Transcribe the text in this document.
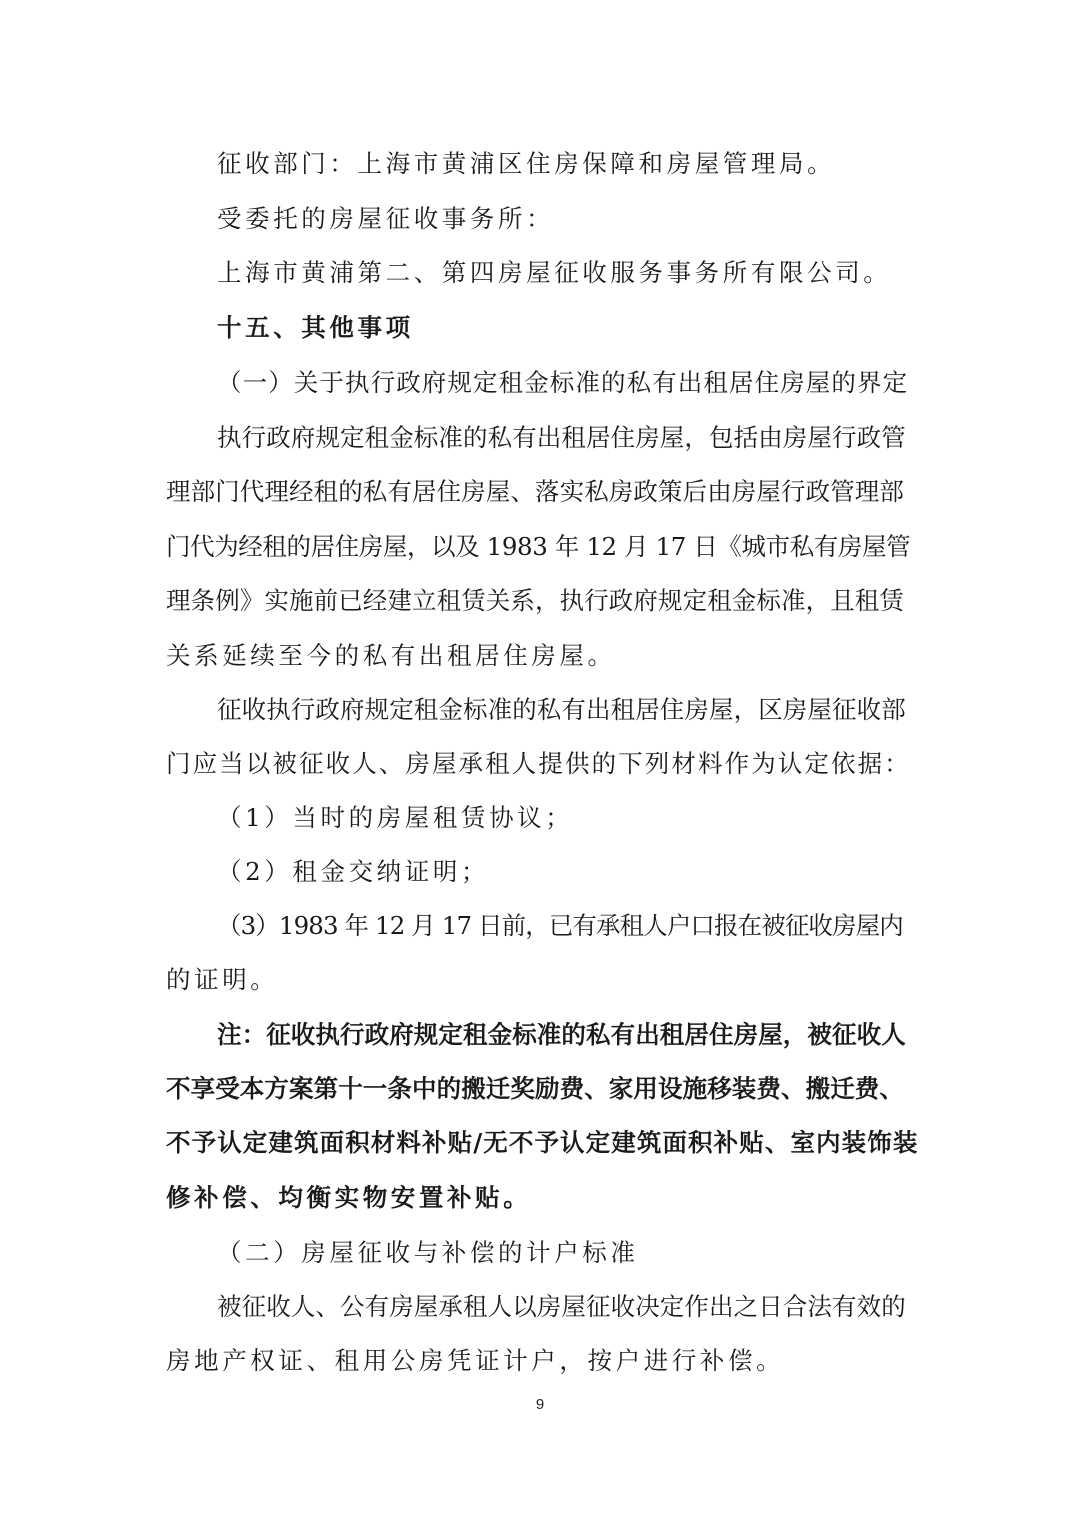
征收部门：上海市黄浦区住房保障和房屋管理局。
受委托的房屋征收事务所：
上海市黄浦第二、第四房屋征收服务事务所有限公司。
十五、其他事项
（一）关于执行政府规定租金标准的私有出租居住房屋的界定
执行政府规定租金标准的私有出租居住房屋，包括由房屋行政管
理部门代理经租的私有居住房屋、落实私房政策后由房屋行政管理部
门代为经租的居住房屋，以及 1983 年 12 月 17 日《城市私有房屋管
理条例》实施前已经建立租赁关系，执行政府规定租金标准，且租赁
关系延续至今的私有出租居住房屋。
征收执行政府规定租金标准的私有出租居住房屋，区房屋征收部
门应当以被征收人、房屋承租人提供的下列材料作为认定依据：
（1）当时的房屋租赁协议；
（2）租金交纳证明；
（3）1983 年 12 月 17 日前，已有承租人户口报在被征收房屋内
的证明。
注：征收执行政府规定租金标准的私有出租居住房屋，被征收人
不享受本方案第十一条中的搬迁奖励费、家用设施移装费、搬迁费、
不予认定建筑面积材料补贴/无不予认定建筑面积补贴、室内装饰装
修补偿、均衡实物安置补贴。
（二）房屋征收与补偿的计户标准
被征收人、公有房屋承租人以房屋征收决定作出之日合法有效的
房地产权证、租用公房凭证计户，按户进行补偿。
9
